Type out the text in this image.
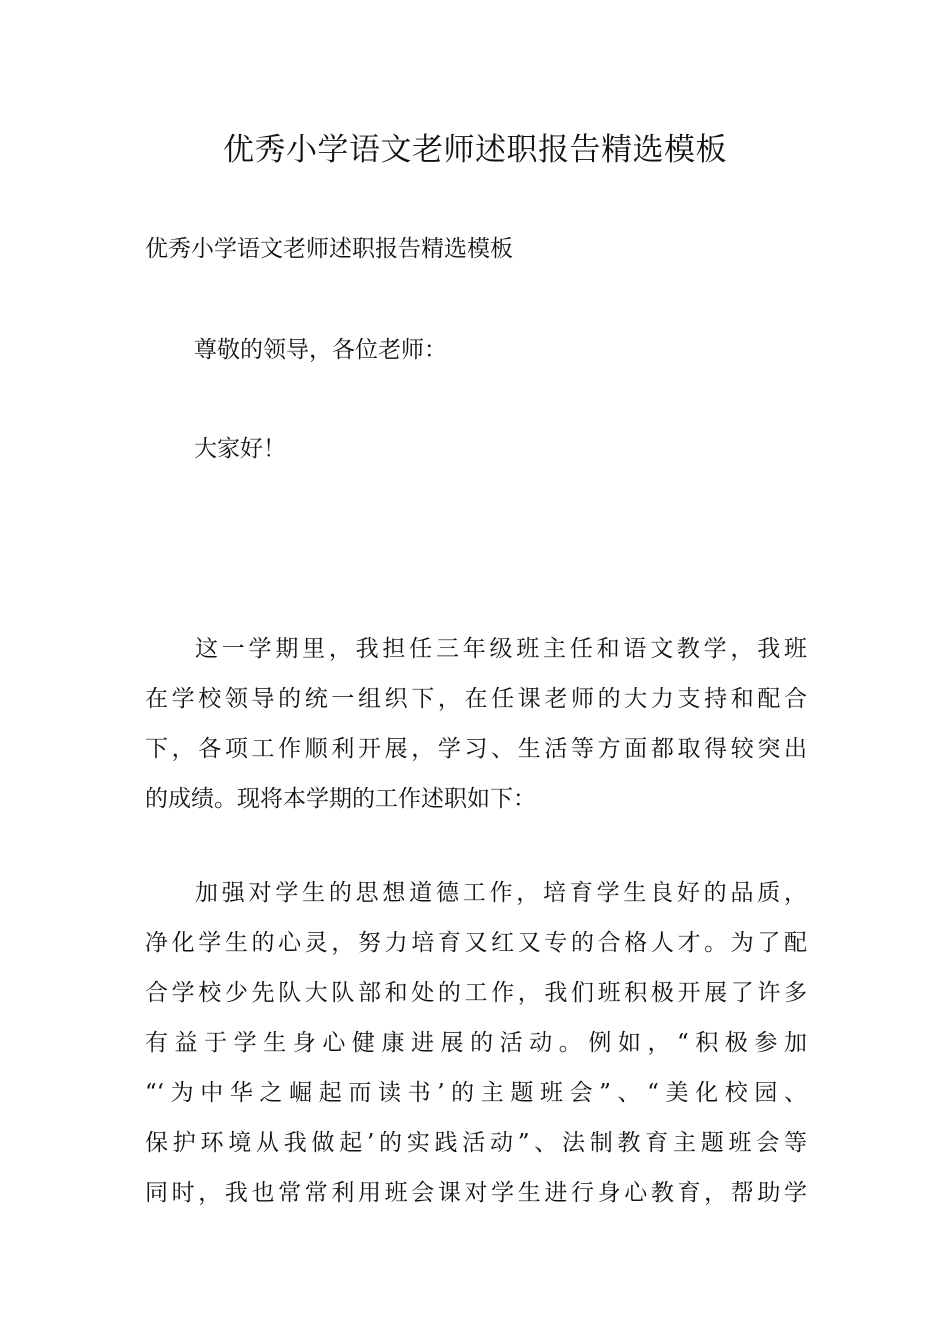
优秀小学语文老师述职报告精选模板

优秀小学语文老师述职报告精选模板

尊敬的领导，各位老师：

大家好！

这一学期里，我担任三年级班主任和语文教学，我班
在学校领导的统一组织下，在任课老师的大力支持和配合
下，各项工作顺利开展，学习、生活等方面都取得较突出
的成绩。现将本学期的工作述职如下：
加强对学生的思想道德工作，培育学生良好的品质，
净化学生的心灵，努力培育又红又专的合格人才。为了配
合学校少先队大队部和处的工作，我们班积极开展了许多
有益于学生身心健康进展的活动。例如，“积极参加
“‘为中华之崛起而读书’的主题班会”、“美化校园、
保护环境从我做起’的实践活动”、法制教育主题班会等
同时，我也常常利用班会课对学生进行身心教育，帮助学
